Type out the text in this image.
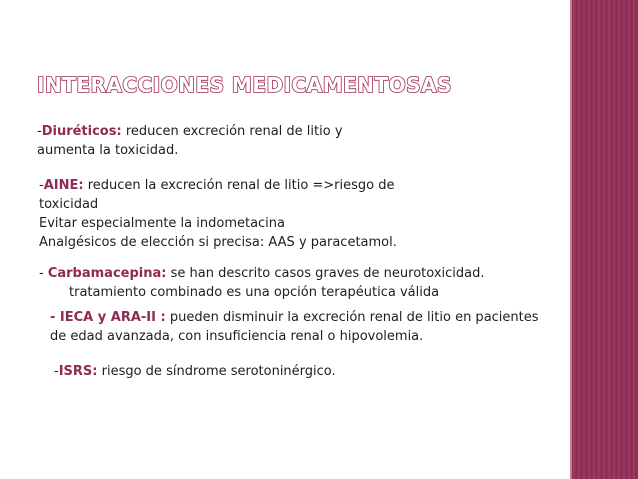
INTERACCIONES MEDICAMENTOSAS

-Diuréticos: reducen excreción renal de litio y
aumenta la toxicidad.

-AINE: reducen la excreción renal de litio =>riesgo de
toxicidad
Evitar especialmente la indometacina
Analgésicos de elección si precisa: AAS y paracetamol.

- Carbamacepina: se han descrito casos graves de neurotoxicidad.
tratamiento combinado es una opción terapéutica válida

- IECA y ARA-II : pueden disminuir la excreción renal de litio en pacientes
de edad avanzada, con insuficiencia renal o hipovolemia.

-ISRS: riesgo de síndrome serotoninérgico.
